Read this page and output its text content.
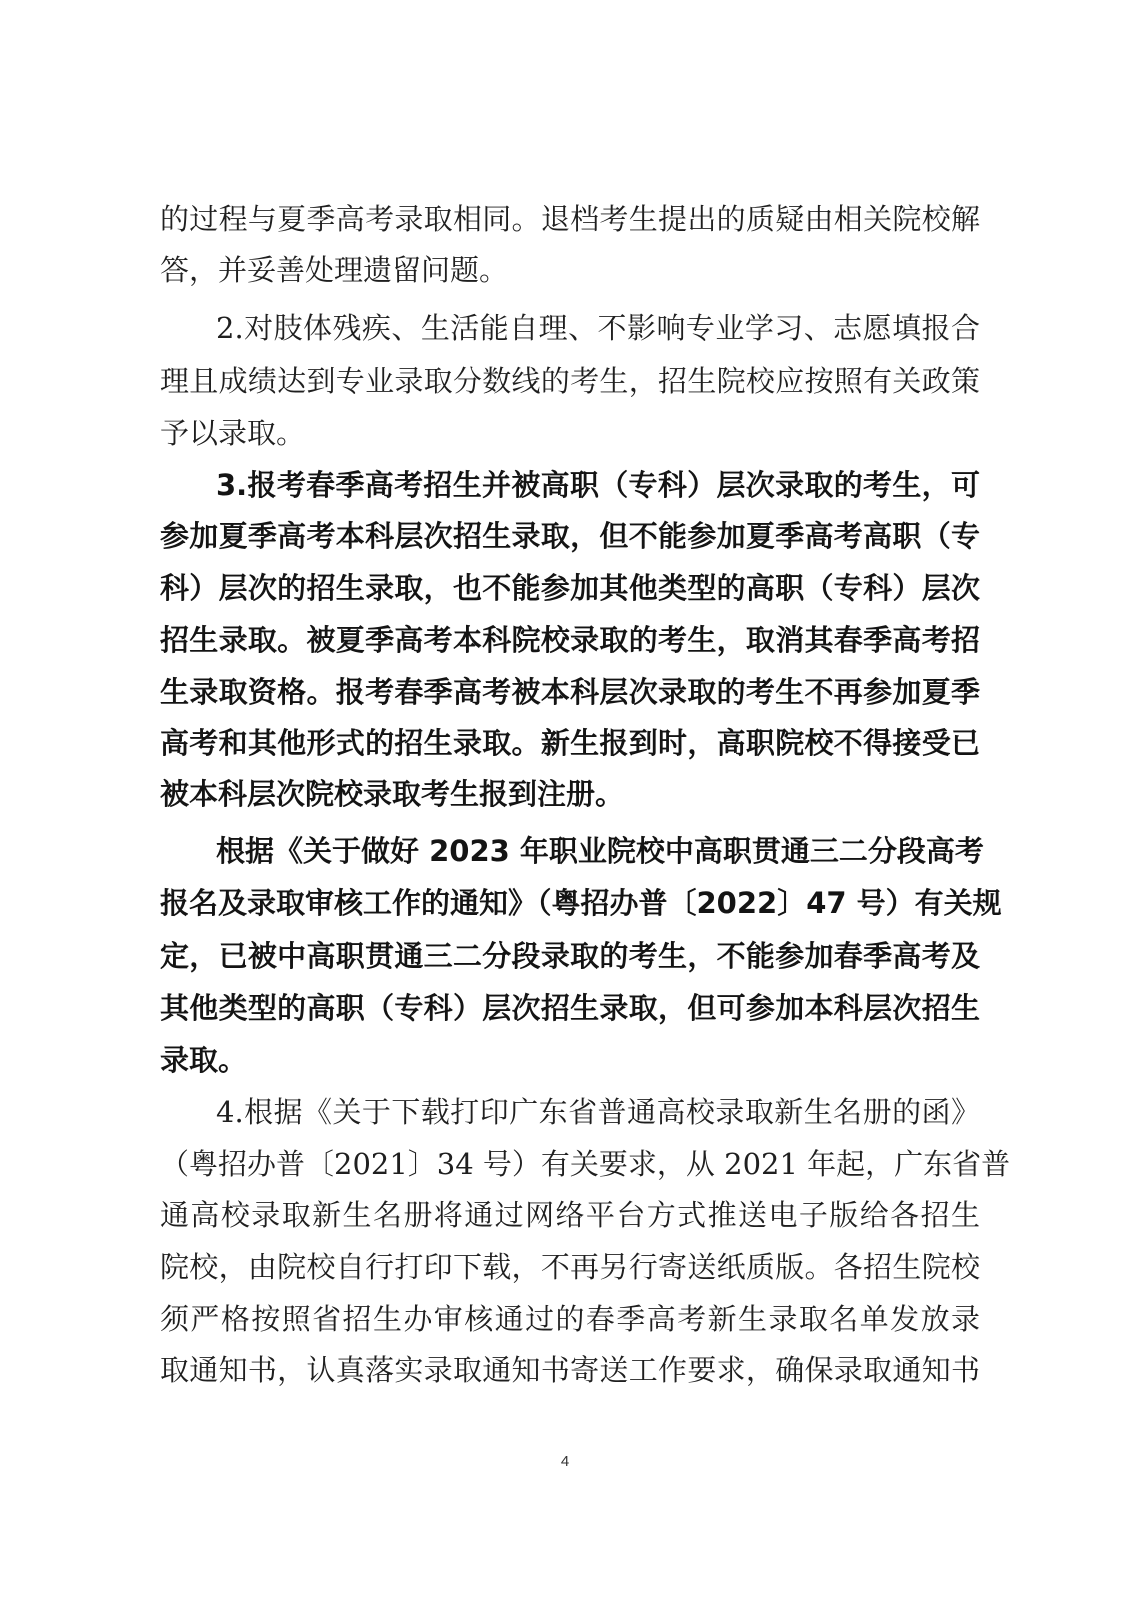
的过程与夏季高考录取相同。退档考生提出的质疑由相关院校解
答，并妥善处理遗留问题。
2.对肢体残疾、生活能自理、不影响专业学习、志愿填报合
理且成绩达到专业录取分数线的考生，招生院校应按照有关政策
予以录取。
3.报考春季高考招生并被高职（专科）层次录取的考生，可
参加夏季高考本科层次招生录取，但不能参加夏季高考高职（专
科）层次的招生录取，也不能参加其他类型的高职（专科）层次
招生录取。被夏季高考本科院校录取的考生，取消其春季高考招
生录取资格。报考春季高考被本科层次录取的考生不再参加夏季
高考和其他形式的招生录取。新生报到时，高职院校不得接受已
被本科层次院校录取考生报到注册。
根据《关于做好 2023 年职业院校中高职贯通三二分段高考
报名及录取审核工作的通知》（粤招办普〔2022〕47 号）有关规
定，已被中高职贯通三二分段录取的考生，不能参加春季高考及
其他类型的高职（专科）层次招生录取，但可参加本科层次招生
录取。
4.根据《关于下载打印广东省普通高校录取新生名册的函》
（粤招办普〔2021〕34 号）有关要求，从 2021 年起，广东省普
通高校录取新生名册将通过网络平台方式推送电子版给各招生
院校，由院校自行打印下载，不再另行寄送纸质版。各招生院校
须严格按照省招生办审核通过的春季高考新生录取名单发放录
取通知书，认真落实录取通知书寄送工作要求，确保录取通知书
4
